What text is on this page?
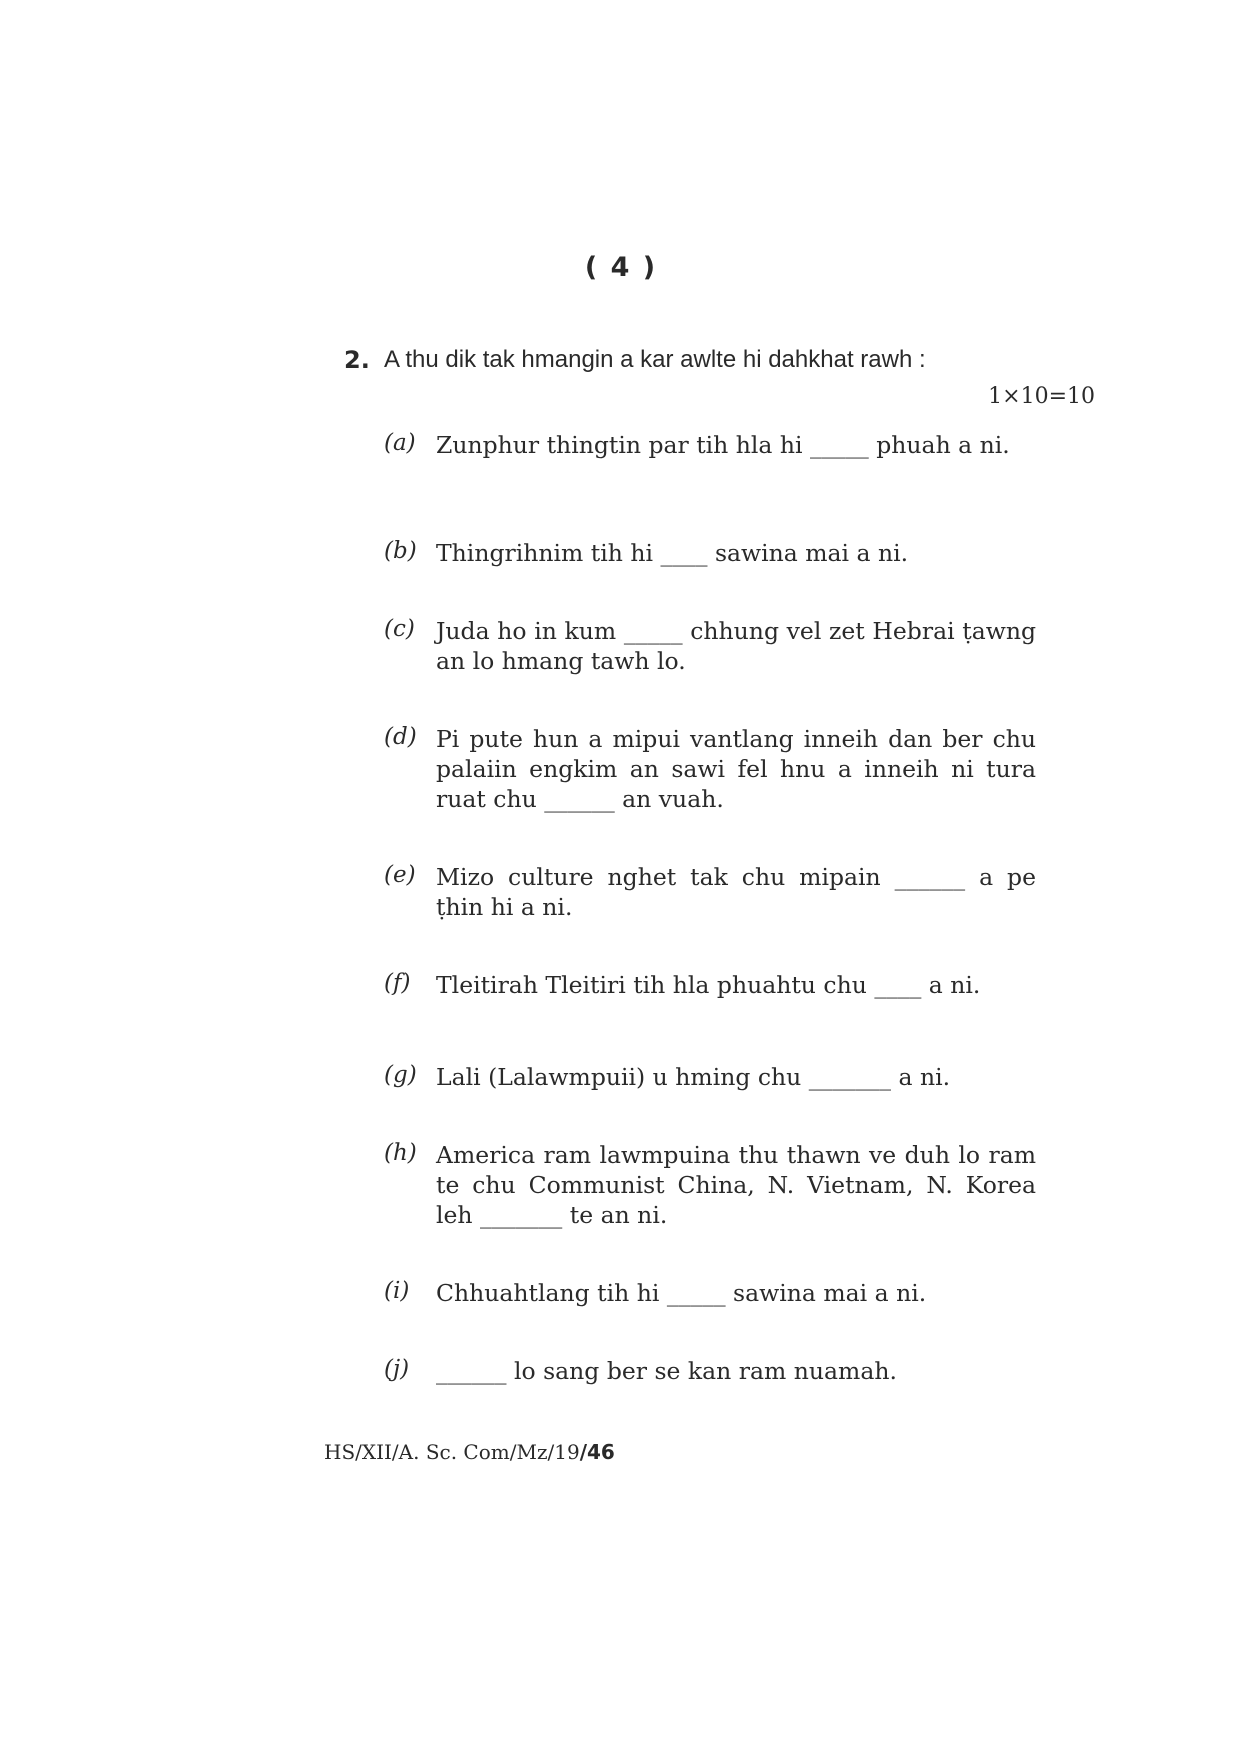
( 4 )
2. A thu dik tak hmangin a kar awlte hi dahkhat rawh :
1×10=10
(a) Zunphur thingtin par tih hla hi _____ phuah a ni.
(b) Thingrihnim tih hi ____ sawina mai a ni.
(c) Juda ho in kum _____ chhung vel zet Hebrai ṭawng an lo hmang tawh lo.
(d) Pi pute hun a mipui vantlang inneih dan ber chu palaiin engkim an sawi fel hnu a inneih ni tura ruat chu ______ an vuah.
(e) Mizo culture nghet tak chu mipain ______ a pe ṭhin hi a ni.
(f) Tleitirah Tleitiri tih hla phuahtu chu ____ a ni.
(g) Lali (Lalawmpuii) u hming chu _______ a ni.
(h) America ram lawmpuina thu thawn ve duh lo ram te chu Communist China, N. Vietnam, N. Korea leh _______ te an ni.
(i) Chhuahtlang tih hi _____ sawina mai a ni.
(j) ______ lo sang ber se kan ram nuamah.
HS/XII/A. Sc. Com/Mz/19/46
